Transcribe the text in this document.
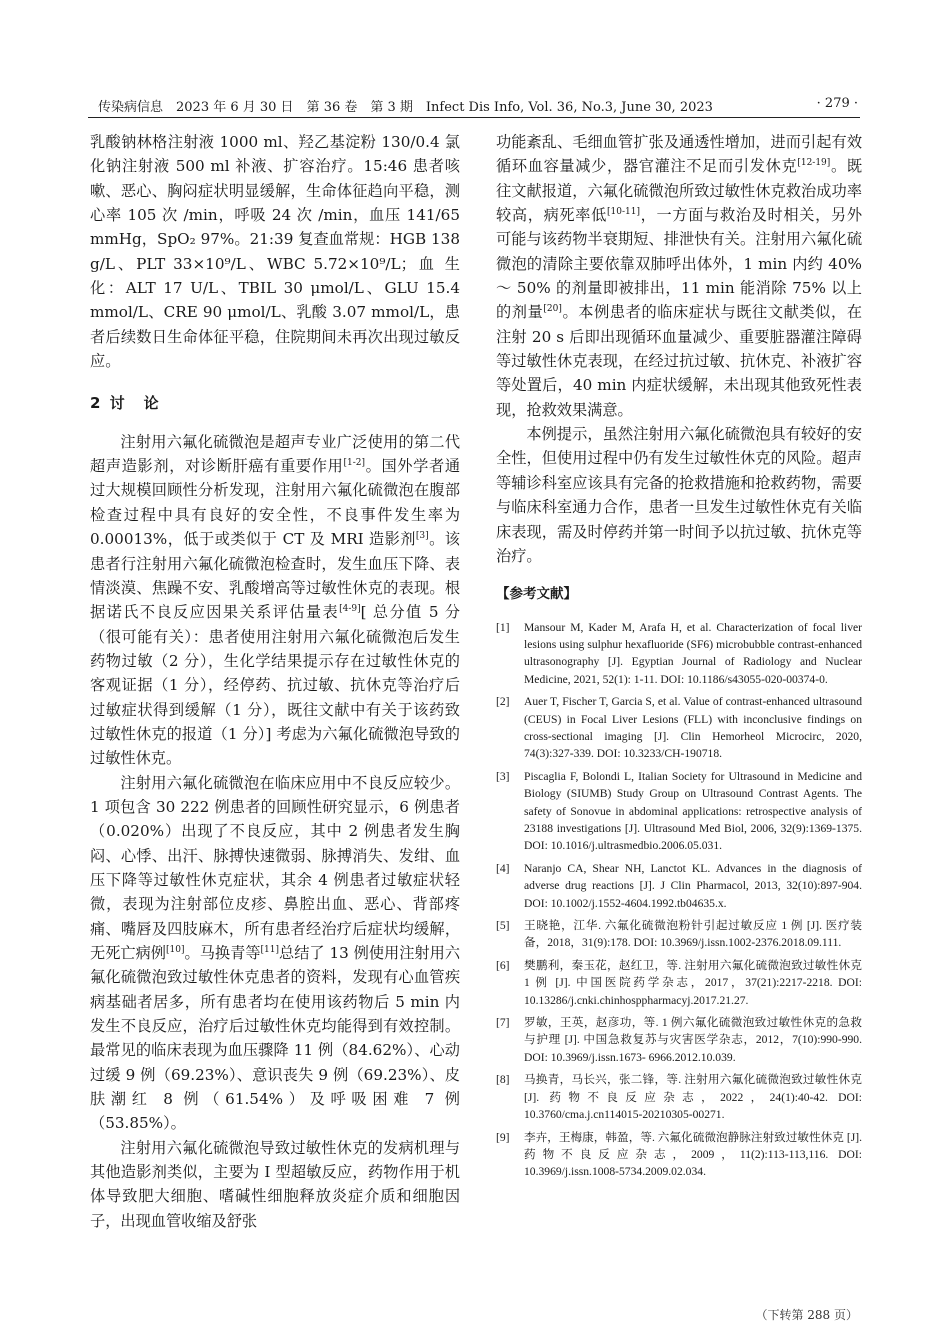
传染病信息　2023 年 6 月 30 日　第 36 卷　第 3 期　Infect Dis Info, Vol. 36, No.3, June 30, 2023	· 279 ·

乳酸钠林格注射液 1000 ml、羟乙基淀粉 130/0.4 氯化钠注射液 500 ml 补液、扩容治疗。15:46 患者咳嗽、恶心、胸闷症状明显缓解，生命体征趋向平稳，测心率 105 次 /min，呼吸 24 次 /min，血压 141/65 mmHg，SpO₂ 97%。21:39 复查血常规：HGB 138 g/L、PLT 33×10⁹/L、WBC 5.72×10⁹/L；血 生 化：ALT 17 U/L、TBIL 30 μmol/L、GLU 15.4 mmol/L、CRE 90 μmol/L、乳酸 3.07 mmol/L，患者后续数日生命体征平稳，住院期间未再次出现过敏反应。

2 讨　论

注射用六氟化硫微泡是超声专业广泛使用的第二代超声造影剂，对诊断肝癌有重要作用[1-2]。国外学者通过大规模回顾性分析发现，注射用六氟化硫微泡在腹部检查过程中具有良好的安全性，不良事件发生率为 0.00013%，低于或类似于 CT 及 MRI 造影剂[3]。该患者行注射用六氟化硫微泡检查时，发生血压下降、表情淡漠、焦躁不安、乳酸增高等过敏性休克的表现。根据诺氏不良反应因果关系评估量表[4-9][ 总分值 5 分（很可能有关）：患者使用注射用六氟化硫微泡后发生药物过敏（2 分），生化学结果提示存在过敏性休克的客观证据（1 分），经停药、抗过敏、抗休克等治疗后过敏症状得到缓解（1 分），既往文献中有关于该药致过敏性休克的报道（1 分）] 考虑为六氟化硫微泡导致的过敏性休克。

注射用六氟化硫微泡在临床应用中不良反应较少。1 项包含 30 222 例患者的回顾性研究显示，6 例患者（0.020%）出现了不良反应，其中 2 例患者发生胸闷、心悸、出汗、脉搏快速微弱、脉搏消失、发绀、血压下降等过敏性休克症状，其余 4 例患者过敏症状轻微，表现为注射部位皮疹、鼻腔出血、恶心、背部疼痛、嘴唇及四肢麻木，所有患者经治疗后症状均缓解，无死亡病例[10]。马换青等[11]总结了 13 例使用注射用六氟化硫微泡致过敏性休克患者的资料，发现有心血管疾病基础者居多，所有患者均在使用该药物后 5 min 内发生不良反应，治疗后过敏性休克均能得到有效控制。最常见的临床表现为血压骤降 11 例（84.62%）、心动过缓 9 例（69.23%）、意识丧失 9 例（69.23%）、皮肤潮红 8 例（61.54%）及呼吸困难 7 例（53.85%）。

注射用六氟化硫微泡导致过敏性休克的发病机理与其他造影剂类似，主要为 I 型超敏反应，药物作用于机体导致肥大细胞、嗜碱性细胞释放炎症介质和细胞因子，出现血管收缩及舒张

功能紊乱、毛细血管扩张及通透性增加，进而引起有效循环血容量减少，器官灌注不足而引发休克[12-19]。既往文献报道，六氟化硫微泡所致过敏性休克救治成功率较高，病死率低[10-11]，一方面与救治及时相关，另外可能与该药物半衰期短、排泄快有关。注射用六氟化硫微泡的清除主要依靠双肺呼出体外，1 min 内约 40% ～ 50% 的剂量即被排出，11 min 能消除 75% 以上的剂量[20]。本例患者的临床症状与既往文献类似，在注射 20 s 后即出现循环血量减少、重要脏器灌注障碍等过敏性休克表现，在经过抗过敏、抗休克、补液扩容等处置后，40 min 内症状缓解，未出现其他致死性表现，抢救效果满意。

本例提示，虽然注射用六氟化硫微泡具有较好的安全性，但使用过程中仍有发生过敏性休克的风险。超声等辅诊科室应该具有完备的抢救措施和抢救药物，需要与临床科室通力合作，患者一旦发生过敏性休克有关临床表现，需及时停药并第一时间予以抗过敏、抗休克等治疗。

【参考文献】
[1] Mansour M, Kader M, Arafa H, et al. Characterization of focal liver lesions using sulphur hexafluoride (SF6) microbubble contrast-enhanced ultrasonography [J]. Egyptian Journal of Radiology and Nuclear Medicine, 2021, 52(1): 1-11. DOI: 10.1186/s43055-020-00374-0.
[2] Auer T, Fischer T, Garcia S, et al. Value of contrast-enhanced ultrasound (CEUS) in Focal Liver Lesions (FLL) with inconclusive findings on cross-sectional imaging [J]. Clin Hemorheol Microcirc, 2020, 74(3):327-339. DOI: 10.3233/CH-190718.
[3] Piscaglia F, Bolondi L, Italian Society for Ultrasound in Medicine and Biology (SIUMB) Study Group on Ultrasound Contrast Agents. The safety of Sonovue in abdominal applications: retrospective analysis of 23188 investigations [J]. Ultrasound Med Biol, 2006, 32(9):1369-1375. DOI: 10.1016/j.ultrasmedbio.2006.05.031.
[4] Naranjo CA, Shear NH, Lanctot KL. Advances in the diagnosis of adverse drug reactions [J]. J Clin Pharmacol, 2013, 32(10):897-904. DOI: 10.1002/j.1552-4604.1992.tb04635.x.
[5] 王晓艳，江华. 六氟化硫微泡粉针引起过敏反应 1 例 [J]. 医疗装备，2018，31(9):178. DOI: 10.3969/j.issn.1002-2376.2018.09.111.
[6] 樊鹏利，秦玉花，赵红卫，等. 注射用六氟化硫微泡致过敏性休克 1 例 [J]. 中国医院药学杂志，2017，37(21):2217-2218. DOI: 10.13286/j.cnki.chinhosppharmacyj.2017.21.27.
[7] 罗敏，王英，赵彦功，等. 1 例六氟化硫微泡致过敏性休克的急救与护理 [J]. 中国急救复苏与灾害医学杂志，2012，7(10):990-990. DOI: 10.3969/j.issn.1673- 6966.2012.10.039.
[8] 马换青，马长兴，张二锋，等. 注射用六氟化硫微泡致过敏性休克 [J]. 药物不良反应杂志，2022，24(1):40-42. DOI: 10.3760/cma.j.cn114015-20210305-00271.
[9] 李卉，王梅康，韩盈，等. 六氟化硫微泡静脉注射致过敏性休克 [J]. 药物不良反应杂志，2009，11(2):113-113,116. DOI: 10.3969/j.issn.1008-5734.2009.02.034.
（下转第 288 页）
